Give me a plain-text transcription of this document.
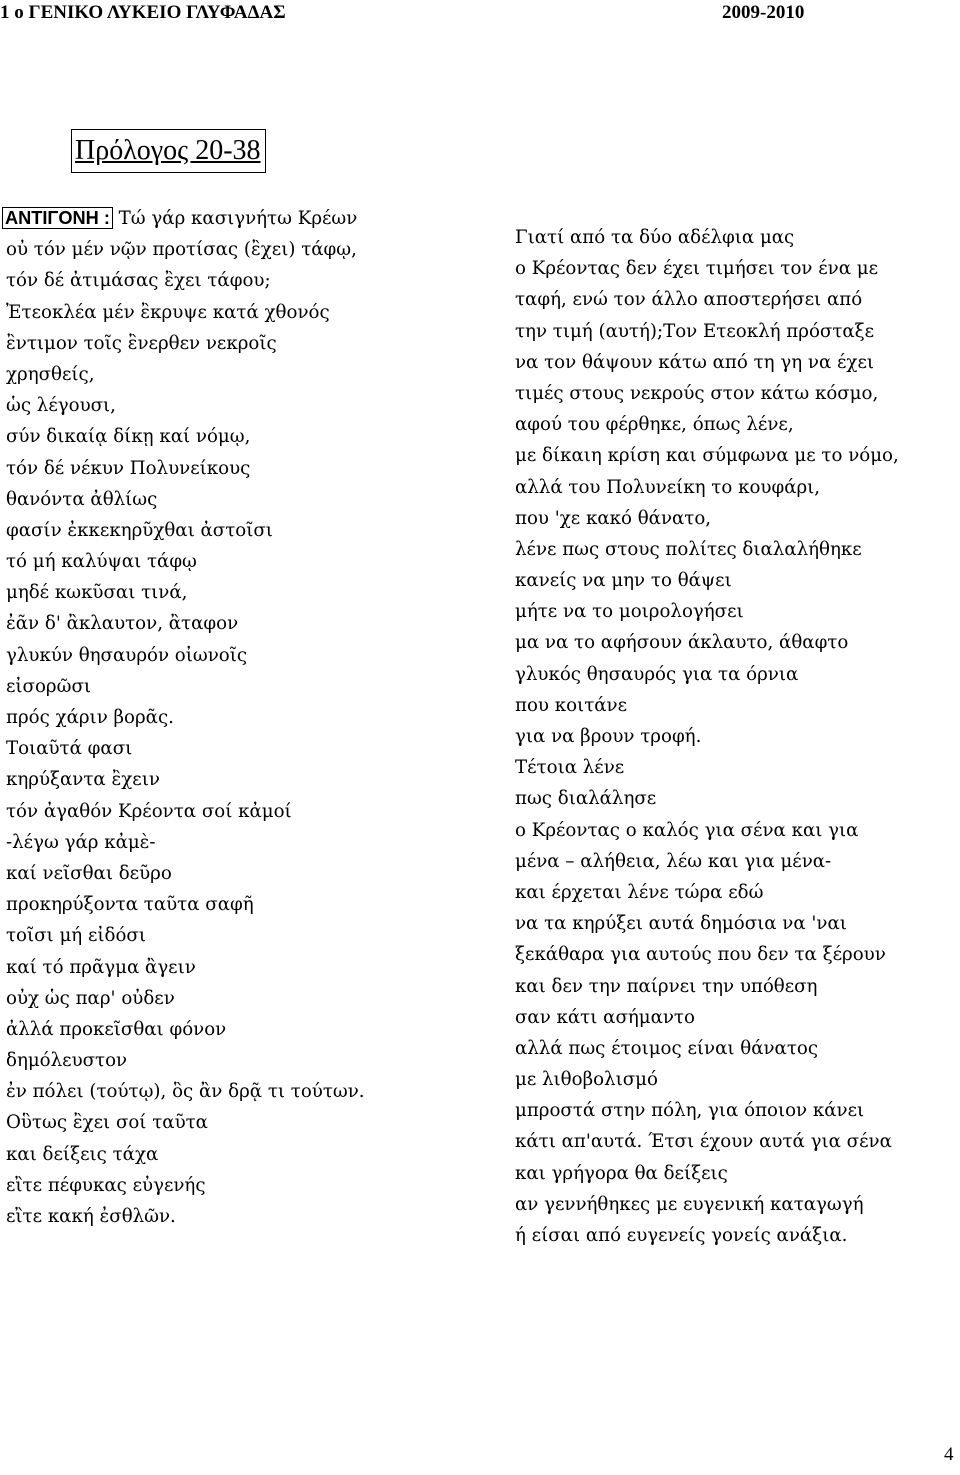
1 ο ΓΕΝΙΚΟ ΛΥΚΕΙΟ ΓΛΥΦΑΔΑΣ	2009-2010
Πρόλογος 20-38
ΑΝΤΙΓΟΝΗ : Τώ γάρ κασιγνήτω Κρέων
οὐ τόν μέν νῷν προτίσας (ἒχει) τάφῳ,
τόν δέ ἀτιμάσας ἒχει τάφου;
Ἐτεοκλέα μέν ἒκρυψε κατά χθονός
ἒντιμον τοῖς ἒνερθεν νεκροῖς
χρησθείς,
ὡς λέγουσι,
σύν δικαίᾳ δίκῃ καί νόμῳ,
τόν δέ νέκυν Πολυνείκους
θανόντα ἀθλίως
φασίν ἐκκεκηρῦχθαι ἀστοῖσι
τό μή καλύψαι τάφῳ
μηδέ κωκῦσαι τινά,
ἐᾶν δ' ἂκλαυτον, ἂταφον
γλυκύν θησαυρόν οἰωνοῖς
εἰσορῶσι
πρός χάριν βορᾶς.
Τοιαῦτά φασι
κηρύξαντα ἒχειν
τόν ἀγαθόν Κρέοντα σοί κἀμοί
-λέγω γάρ κἀμὲ-
καί νεῖσθαι δεῦρο
προκηρύξοντα ταῦτα σαφῆ
τοῖσι μή εἰδόσι
καί τό πρᾶγμα ἂγειν
οὐχ ὡς παρ' οὐδεν
ἀλλά προκεῖσθαι φόνον
δημόλευστον
ἐν πόλει (τούτῳ), ὃς ἂν δρᾷ τι τούτων.
Οὓτως ἒχει σοί ταῦτα
και δείξεις τάχα
εἲτε πέφυκας εὐγενής
εἲτε κακή ἐσθλῶν.
Γιατί από τα δύο αδέλφια μας
ο Κρέοντας δεν έχει τιμήσει τον ένα με
ταφή, ενώ τον άλλο αποστερήσει από
την τιμή (αυτή);Τον Ετεοκλή πρόσταξε
να τον θάψουν κάτω από τη γη να έχει
τιμές στους νεκρούς στον κάτω κόσμο,
αφού του φέρθηκε, όπως λένε,
με δίκαιη κρίση και σύμφωνα με το νόμο,
αλλά του Πολυνείκη το κουφάρι,
που 'χε κακό θάνατο,
λένε πως στους πολίτες διαλαλήθηκε
κανείς να μην το θάψει
μήτε να το μοιρολογήσει
μα να το αφήσουν άκλαυτο, άθαφτο
γλυκός θησαυρός για τα όρνια
που κοιτάνε
για να βρουν τροφή.
Τέτοια λένε
πως διαλάλησε
ο Κρέοντας ο καλός για σένα και για
μένα – αλήθεια, λέω και για μένα-
και έρχεται λένε τώρα εδώ
να τα κηρύξει αυτά δημόσια να 'ναι
ξεκάθαρα για αυτούς που δεν τα ξέρουν
και δεν την παίρνει την υπόθεση
σαν κάτι ασήμαντο
αλλά πως έτοιμος είναι θάνατος
με λιθοβολισμό
μπροστά στην πόλη, για όποιον κάνει
κάτι απ'αυτά. Έτσι έχουν αυτά για σένα
και γρήγορα θα δείξεις
αν γεννήθηκες με ευγενική καταγωγή
ή είσαι από ευγενείς γονείς ανάξια.
4
